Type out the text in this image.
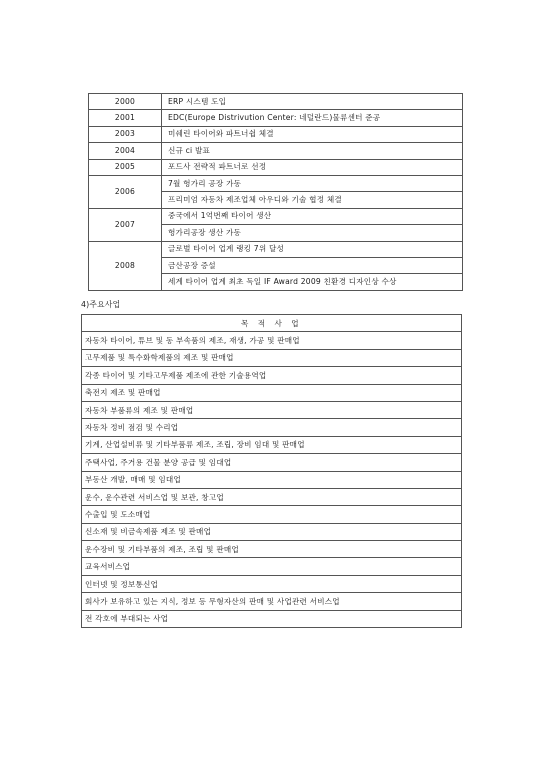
2000	ERP 시스템 도입
2001	EDC(Europe Distrivution Center: 네덜란드)물류센터 준공
2003	미쉐린 타이어와 파트너쉽 체결
2004	신규 ci 발표
2005	포드사 전략적 파트너로 선정
2006	7월 헝가리 공장 가동
	프리미엄 자동차 제조업체 아우디와 기술 협정 체결
2007	중국에서 1억번째 타이어 생산
	헝가리공장 생산 가동
2008	글로벌 타이어 업계 랭킹 7위 달성
	금산공장 증설
	세계 타이어 업계 최초 독일 IF Award 2009 친환경 디자인상 수상
4)주요사업
목 적 사 업
자동차 타이어, 튜브 및 동 부속품의 제조, 재생, 가공 및 판매업
고무제품 및 특수화학제품의 제조 및 판매업
각종 타이어 및 기타고무제품 제조에 관한 기술용역업
축전지 제조 및 판매업
자동차 부품류의 제조 및 판매업
자동차 정비 점검 및 수리업
기계, 산업설비류 및 기타부품류 제조, 조립, 장비 임대 및 판매업
주택사업, 주거용 건물 분양 공급 및 임대업
부동산 개발, 매매 및 임대업
운수, 운수관련 서비스업 및 보관, 창고업
수출입 및 도소매업
신소재 및 비금속제품 제조 및 판매업
운수장비 및 기타부품의 제조, 조립 및 판매업
교육서비스업
인터넷 및 정보통신업
회사가 보유하고 있는 지식, 정보 등 무형자산의 판매 및 사업관련 서비스업
전 각호에 부대되는 사업
